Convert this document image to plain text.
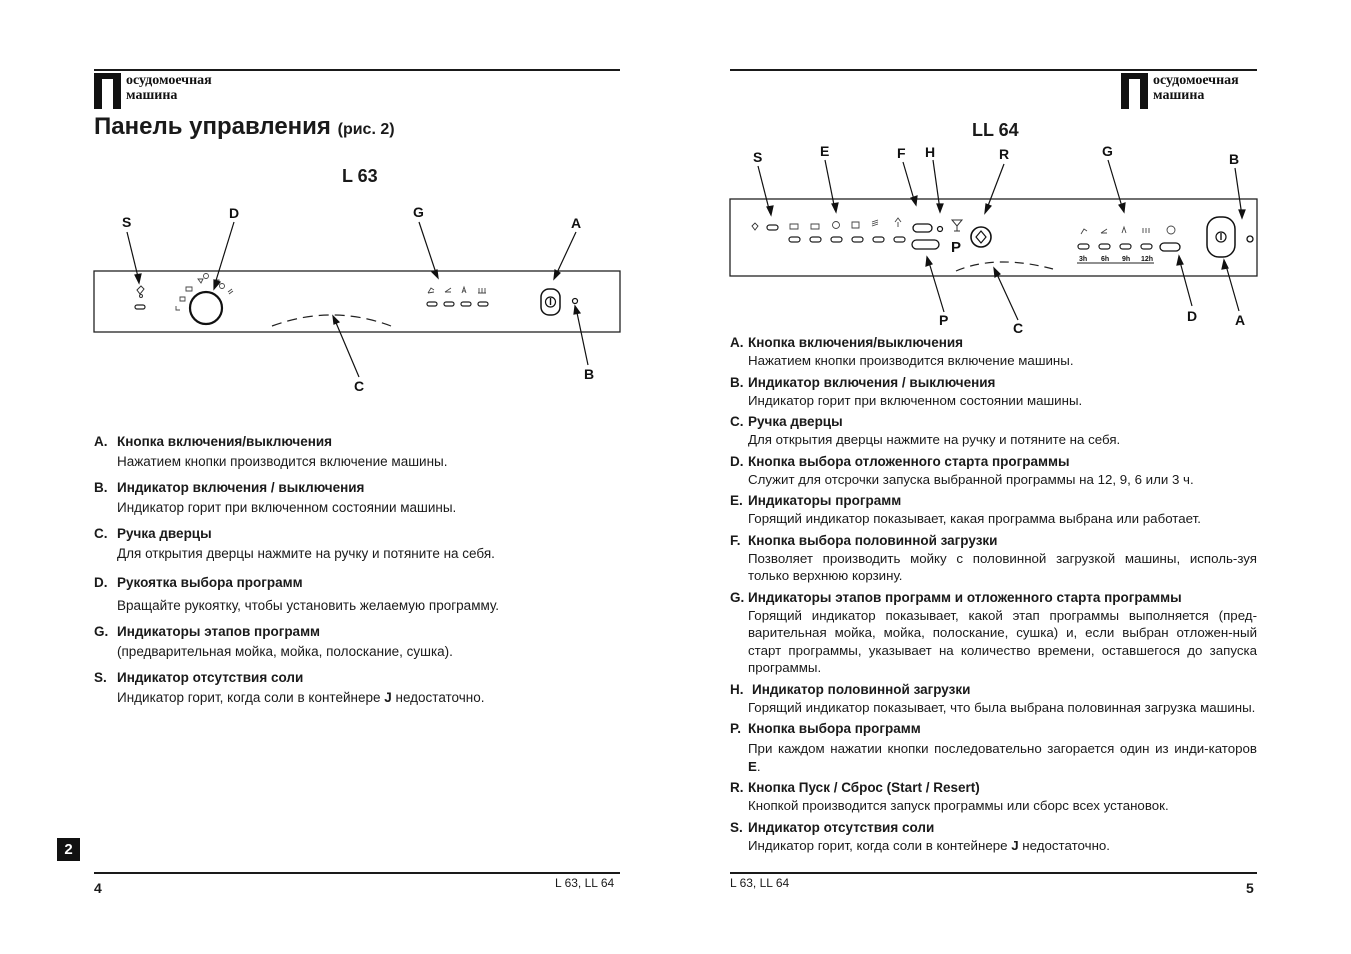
осудомоечная
машина
Панель управления (рис. 2)
L 63
S
D	G
A
B
C
A. Кнопка включения/выключения
Нажатием кнопки производится включение машины.
B. Индикатор включения / выключения
Индикатор горит при включенном состоянии машины.
C. Ручка дверцы
Для открытия дверцы нажмите на ручку и потяните на себя.
D. Рукоятка выбора программ
Вращайте рукоятку, чтобы установить желаемую программу.
G. Индикаторы этапов программ
(предварительная мойка, мойка, полоскание, сушка).
S. Индикатор отсутствия соли
Индикатор горит, когда соли в контейнере J недостаточно.
2
4	L 63, LL 64
осудомоечная
машина
LL 64
P
3h 6h 9h 12h
S	E	F H	R	G	B
P	C
D	A
A. Кнопка включения/выключения
Нажатием кнопки производится включение машины.
B. Индикатор включения / выключения
Индикатор горит при включенном состоянии машины.
C. Ручка дверцы
Для открытия дверцы нажмите на ручку и потяните на себя.
D. Кнопка выбора отложенного старта программы
Служит для отсрочки запуска выбранной программы на 12, 9, 6 или 3 ч.
E. Индикаторы программ
Горящий индикатор показывает, какая программа выбрана или работает.
F. Кнопка выбора половинной загрузки
Позволяет производить мойку с половинной загрузкой машины, исполь-зуя только верхнюю корзину.
G. Индикаторы этапов программ и отложенного старта программы
Горящий индикатор показывает, какой этап программы выполняется (пред-варительная мойка, мойка, полоскание, сушка) и, если выбран отложен-ный старт программы, указывает на количество времени, оставшегося до запуска программы.
H. Индикатор половинной загрузки
Горящий индикатор показывает, что была выбрана половинная загрузка машины.
P. Кнопка выбора программ
При каждом нажатии кнопки последовательно загорается один из инди-каторов E.
R. Кнопка Пуск / Сброс (Start / Resert)
Кнопкой производится запуск программы или сборс всех установок.
S. Индикатор отсутствия соли
Индикатор горит, когда соли в контейнере J недостаточно.
L 63, LL 64	5
